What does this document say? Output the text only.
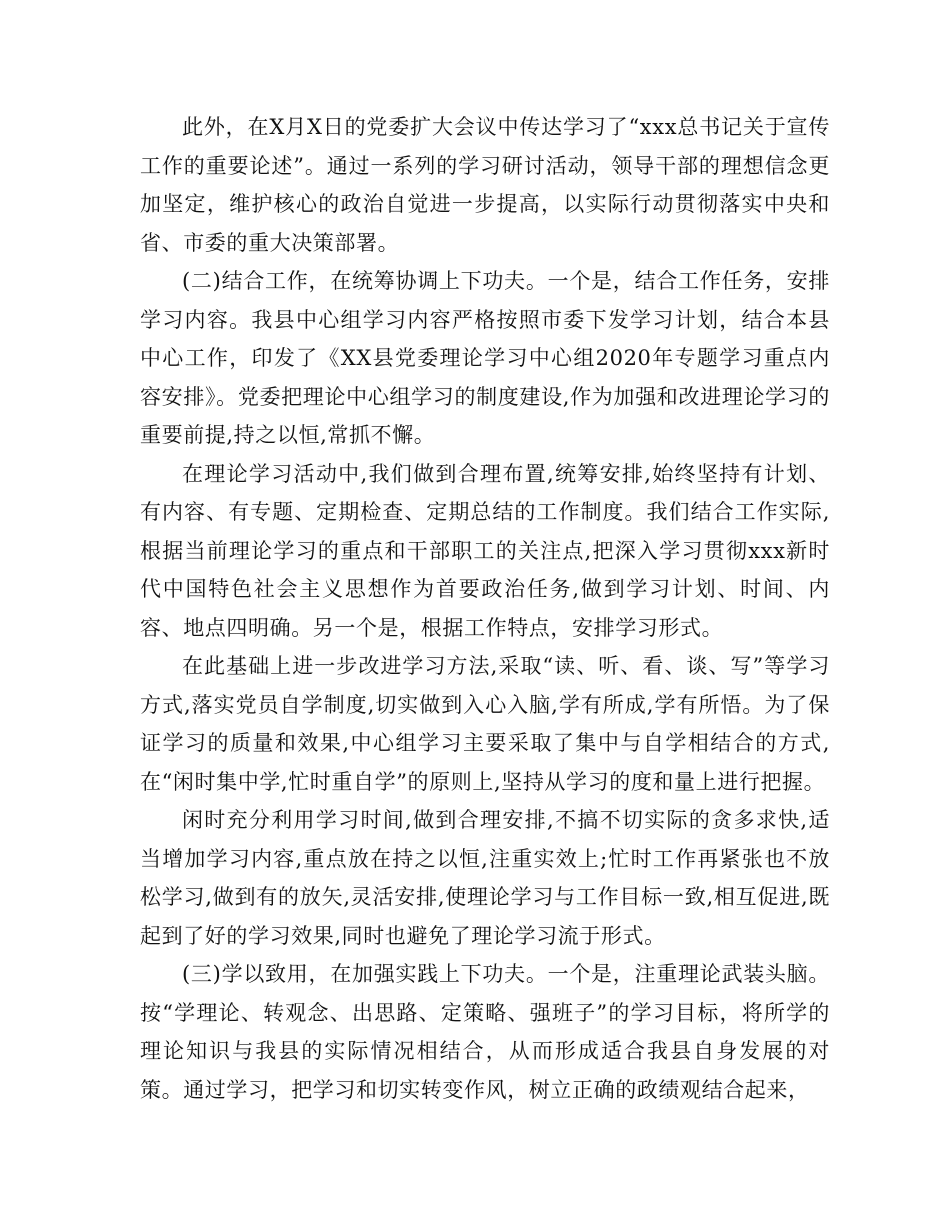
此外，在X月X日的党委扩大会议中传达学习了“xxx总书记关于宣传工作的重要论述”。通过一系列的学习研讨活动，领导干部的理想信念更加坚定，维护核心的政治自觉进一步提高，以实际行动贯彻落实中央和省、市委的重大决策部署。

(二)结合工作，在统筹协调上下功夫。一个是，结合工作任务，安排学习内容。我县中心组学习内容严格按照市委下发学习计划，结合本县中心工作，印发了《XX县党委理论学习中心组2020年专题学习重点内容安排》。党委把理论中心组学习的制度建设,作为加强和改进理论学习的重要前提,持之以恒,常抓不懈。

在理论学习活动中,我们做到合理布置,统筹安排,始终坚持有计划、有内容、有专题、定期检查、定期总结的工作制度。我们结合工作实际,根据当前理论学习的重点和干部职工的关注点,把深入学习贯彻xxx新时代中国特色社会主义思想作为首要政治任务,做到学习计划、时间、内容、地点四明确。另一个是，根据工作特点，安排学习形式。

在此基础上进一步改进学习方法,采取“读、听、看、谈、写”等学习方式,落实党员自学制度,切实做到入心入脑,学有所成,学有所悟。为了保证学习的质量和效果,中心组学习主要采取了集中与自学相结合的方式,在“闲时集中学,忙时重自学”的原则上,坚持从学习的度和量上进行把握。

闲时充分利用学习时间,做到合理安排,不搞不切实际的贪多求快,适当增加学习内容,重点放在持之以恒,注重实效上;忙时工作再紧张也不放松学习,做到有的放矢,灵活安排,使理论学习与工作目标一致,相互促进,既起到了好的学习效果,同时也避免了理论学习流于形式。

(三)学以致用，在加强实践上下功夫。一个是，注重理论武装头脑。按“学理论、转观念、出思路、定策略、强班子”的学习目标，将所学的理论知识与我县的实际情况相结合，从而形成适合我县自身发展的对策。通过学习，把学习和切实转变作风，树立正确的政绩观结合起来，
